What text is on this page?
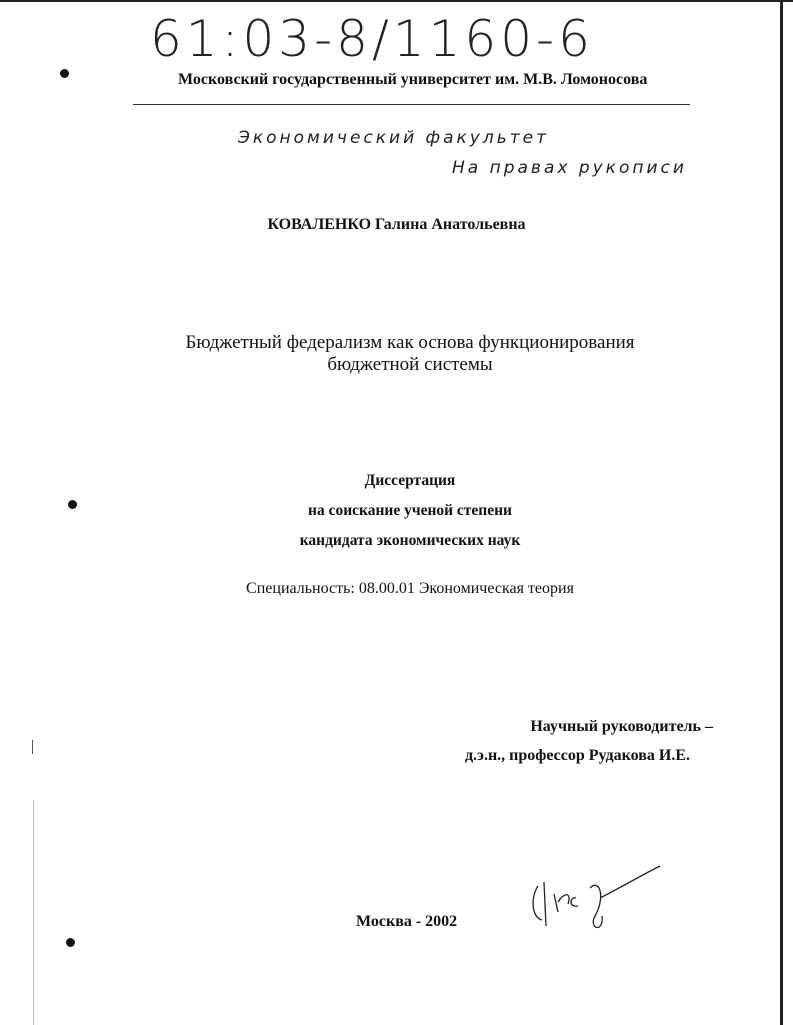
61:03-8/1160-6
Московский государственный университет им. М.В. Ломоносова
Экономический факультет
На правах рукописи
КОВАЛЕНКО Галина Анатольевна
Бюджетный федерализм как основа функционирования
бюджетной системы
Диссертация
на соискание ученой степени
кандидата экономических наук
Специальность: 08.00.01 Экономическая теория
Научный руководитель –
д.э.н., профессор Рудакова И.Е.
Москва - 2002
